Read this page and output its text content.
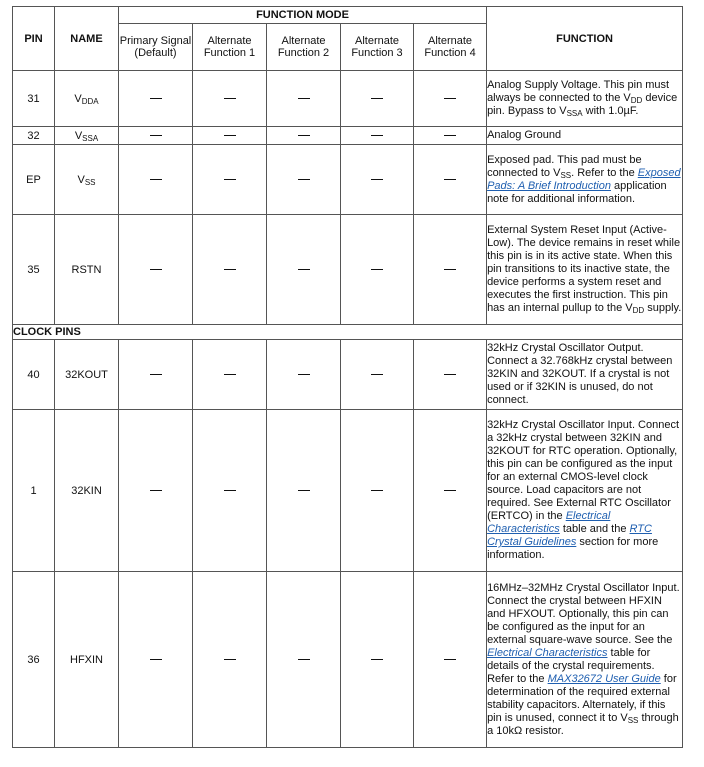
PIN	NAME	FUNCTION MODE					FUNCTION
		Primary Signal (Default)	Alternate Function 1	Alternate Function 2	Alternate Function 3	Alternate Function 4	
31	$V_{DDA}$						Analog Supply Voltage. This pin must always be connected to the $V_{DD}$ device pin. Bypass to $V_{SSA}$ with 1.0µF.
32	$V_{SSA}$						Analog Ground
EP	$V_{SS}$						Exposed pad. This pad must be connected to $V_{SS}$. Refer to the Exposed Pads: A Brief Introduction application note for additional information.
35	RSTN						External System Reset Input (Active-Low). The device remains in reset while this pin is in its active state. When this pin transitions to its inactive state, the device performs a system reset and executes the first instruction. This pin has an internal pullup to the $V_{DD}$ supply.
CLOCK PINS							
40	32KOUT						32kHz Crystal Oscillator Output. Connect a 32.768kHz crystal between 32KIN and 32KOUT. If a crystal is not used or if 32KIN is unused, do not connect.
1	32KIN						32kHz Crystal Oscillator Input. Connect a 32kHz crystal between 32KIN and 32KOUT for RTC operation. Optionally, this pin can be configured as the input for an external CMOS-level clock source. Load capacitors are not required. See External RTC Oscillator (ERTCO) in the Electrical Characteristics table and the RTC Crystal Guidelines section for more information.
36	HFXIN						16MHz–32MHz Crystal Oscillator Input. Connect the crystal between HFXIN and HFXOUT. Optionally, this pin can be configured as the input for an external square-wave source. See the Electrical Characteristics table for details of the crystal requirements. Refer to the MAX32672 User Guide for determination of the required external stability capacitors. Alternately, if this pin is unused, connect it to $V_{SS}$ through a 10kΩ resistor.
